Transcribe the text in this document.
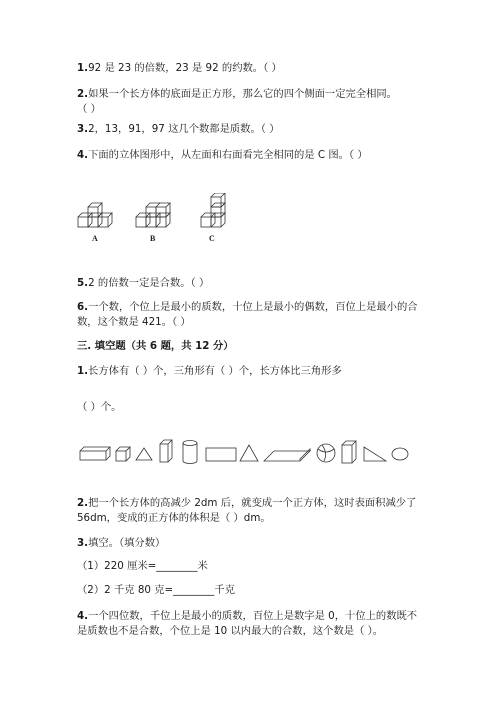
1.92 是 23 的倍数，23 是 92 的约数。（ ）
2.如果一个长方体的底面是正方形，那么它的四个侧面一定完全相同。
（ ）
3.2，13，91，97 这几个数都是质数。（ ）
4.下面的立体图形中，从左面和右面看完全相同的是 C 图。（ ）
A	B	C
5.2 的倍数一定是合数。（ ）
6.一个数，个位上是最小的质数，十位上是最小的偶数，百位上是最小的合
数，这个数是 421。（ ）
三. 填空题（共 6 题，共 12 分）
1.长方体有（ ）个，三角形有（ ）个，长方体比三角形多
（ ）个。
2.把一个长方体的高减少 2dm 后，就变成一个正方体，这时表面积减少了
56dm，变成的正方体的体积是（ ）dm。
3.填空。（填分数）
（1）220 厘米=________米
（2）2 千克 80 克=________千克
4.一个四位数，千位上是最小的质数，百位上是数字是 0，十位上的数既不
是质数也不是合数，个位上是 10 以内最大的合数，这个数是（ ）。
